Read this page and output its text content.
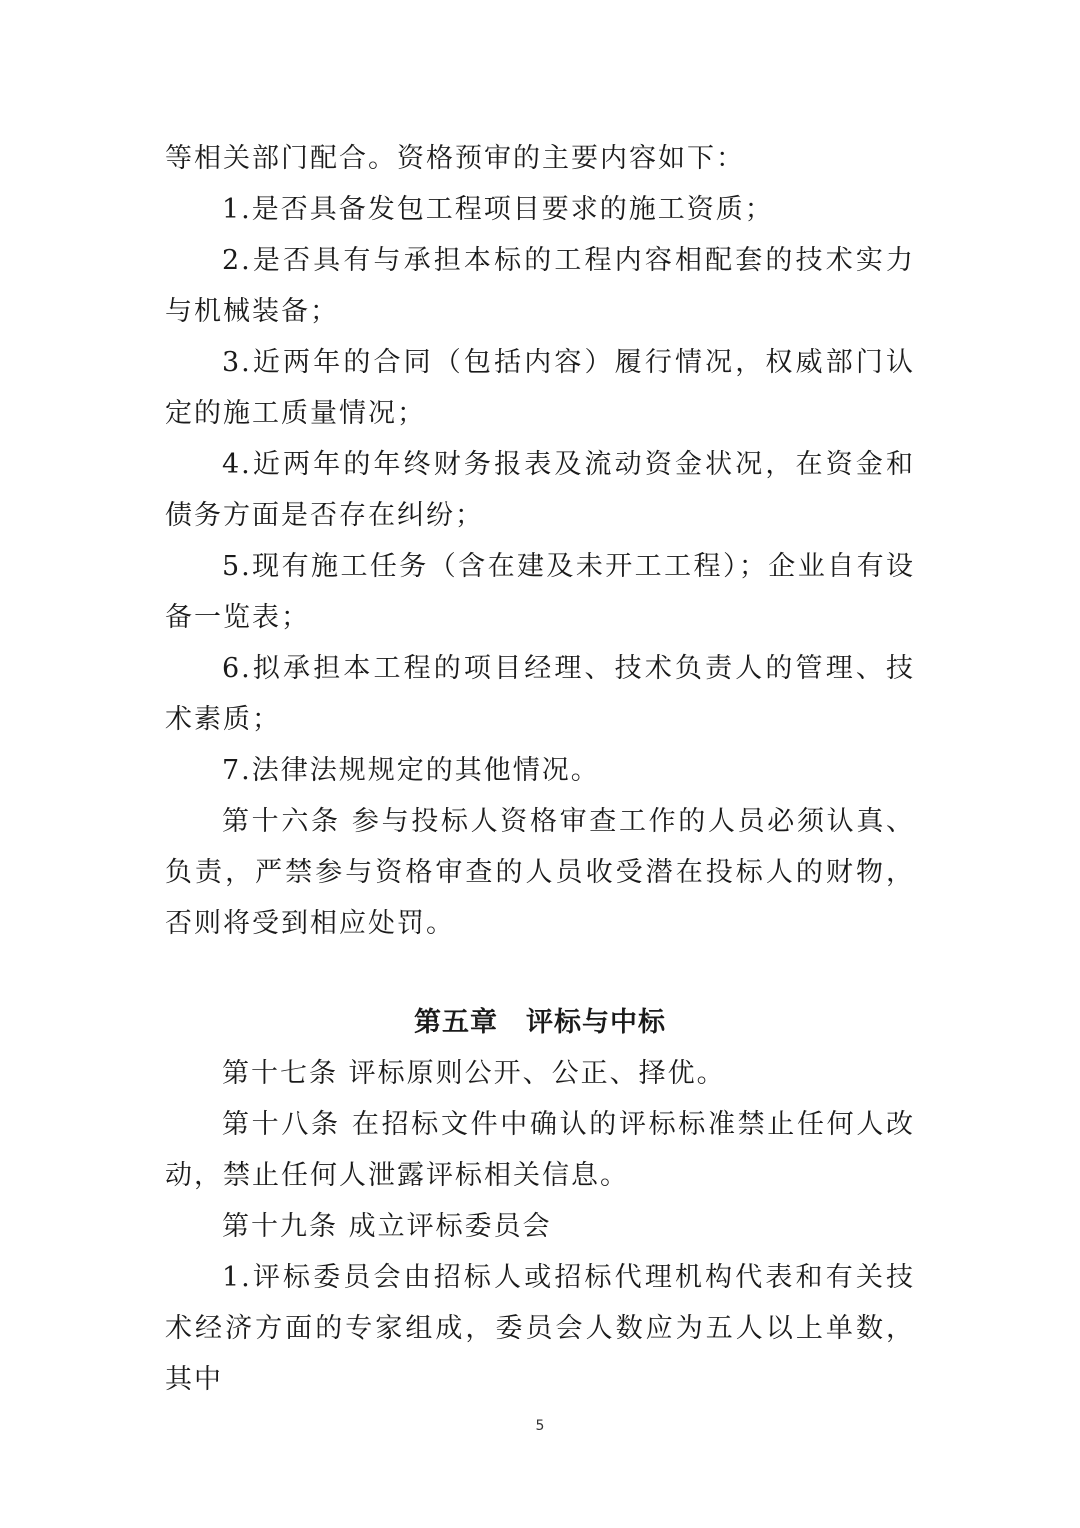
等相关部门配合。资格预审的主要内容如下：

1.是否具备发包工程项目要求的施工资质；

2.是否具有与承担本标的工程内容相配套的技术实力与机械装备；

3.近两年的合同（包括内容）履行情况，权威部门认定的施工质量情况；

4.近两年的年终财务报表及流动资金状况，在资金和债务方面是否存在纠纷；

5.现有施工任务（含在建及未开工工程）；企业自有设备一览表；

6.拟承担本工程的项目经理、技术负责人的管理、技术素质；

7.法律法规规定的其他情况。

第十六条 参与投标人资格审查工作的人员必须认真、负责，严禁参与资格审查的人员收受潜在投标人的财物，否则将受到相应处罚。

第五章　评标与中标

第十七条 评标原则公开、公正、择优。

第十八条 在招标文件中确认的评标标准禁止任何人改动，禁止任何人泄露评标相关信息。

第十九条 成立评标委员会

1.评标委员会由招标人或招标代理机构代表和有关技术经济方面的专家组成，委员会人数应为五人以上单数，其中

5
